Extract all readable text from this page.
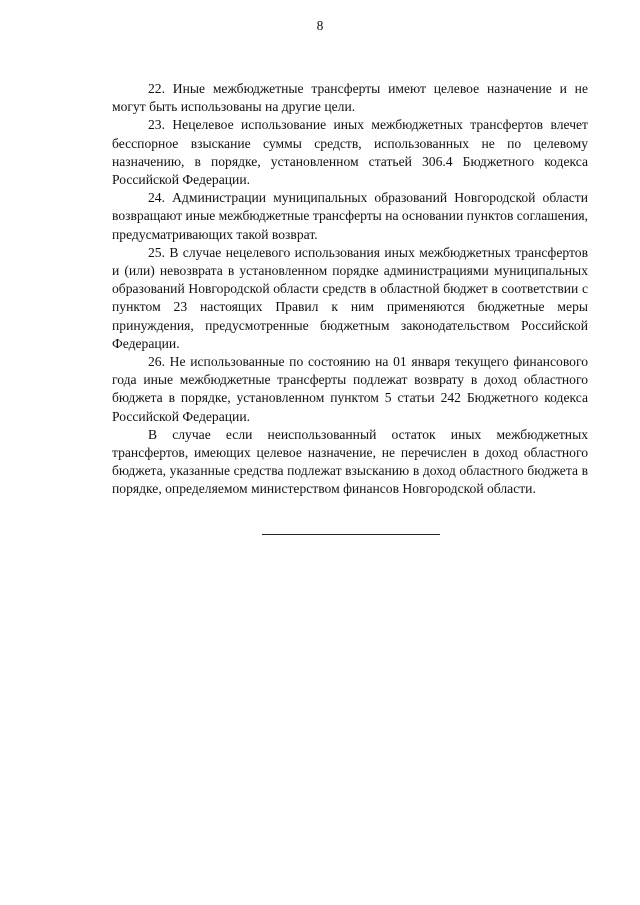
8

22. Иные межбюджетные трансферты имеют целевое назначение и не могут быть использованы на другие цели.

23. Нецелевое использование иных межбюджетных трансфертов влечет бесспорное взыскание суммы средств, использованных не по целевому назначению, в порядке, установленном статьей 306.4 Бюджетного кодекса Российской Федерации.

24. Администрации муниципальных образований Новгородской области возвращают иные межбюджетные трансферты на основании пунктов соглашения, предусматривающих такой возврат.

25. В случае нецелевого использования иных межбюджетных трансфертов и (или) невозврата в установленном порядке администрациями муниципальных образований Новгородской области средств в областной бюджет в соответствии с пунктом 23 настоящих Правил к ним применяются бюджетные меры принуждения, предусмотренные бюджетным законодательством Российской Федерации.

26. Не использованные по состоянию на 01 января текущего финансового года иные межбюджетные трансферты подлежат возврату в доход областного бюджета в порядке, установленном пунктом 5 статьи 242 Бюджетного кодекса Российской Федерации.

В случае если неиспользованный остаток иных межбюджетных трансфертов, имеющих целевое назначение, не перечислен в доход областного бюджета, указанные средства подлежат взысканию в доход областного бюджета в порядке, определяемом министерством финансов Новгородской области.
